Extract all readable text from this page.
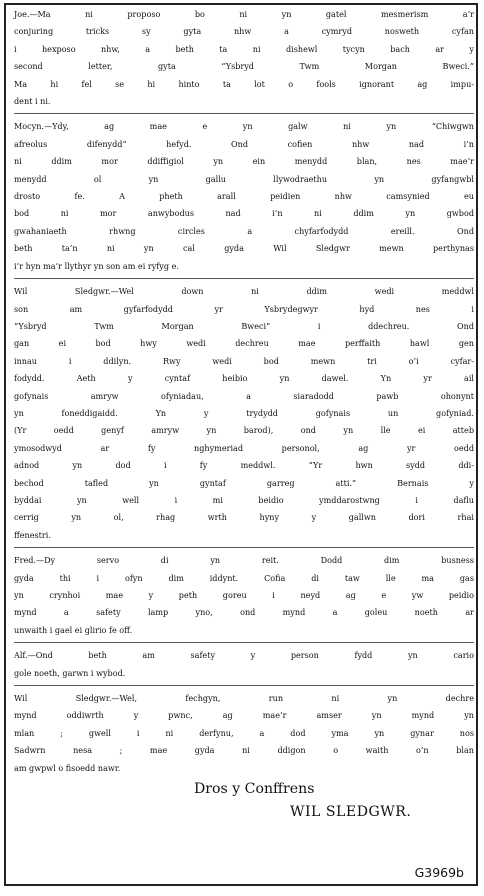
Joe.—Ma ni proposo bo ni yn gatel mesmerism a’r
conjuring tricks sy gyta nhw a cymryd nosweth cyfan
i hexposo nhw, a beth ta ni dishewl tycyn bach ar y
second letter, gyta “Ysbryd Twm Morgan Bweci.”
Ma hi fel se hi hinto ta lot o fools ignorant ag impu-
dent i ni.

Mocyn.—Ydy, ag mae e yn galw ni yn “Chiwgwn
afreolus difenydd” hefyd. Ond cofien nhw nad i’n
ni ddim mor ddiffigiol yn ein menydd blan, nes mae’r
menydd ol yn gallu llywodraethu yn gyfangwbl
drosto fe. A pheth arall peidien nhw camsynied eu
bod ni mor anwybodus nad i’n ni ddim yn gwbod
gwahaniaeth rhwng circles a chyfarfodydd ereill. Ond
beth ta’n ni yn cal gyda Wil Sledgwr mewn perthynas
i’r hyn ma’r llythyr yn son am ei ryfyg e.

Wil Sledgwr.—Wel down ni ddim wedi meddwl
son am gyfarfodydd yr Ysbrydegwyr hyd nes i
“Ysbryd Twm Morgan Bweci” i ddechreu. Ond
gan ei bod hwy wedi dechreu mae perffaith hawl gen
innau i ddilyn. Rwy wedi bod mewn tri o’i cyfar-
fodydd. Aeth y cyntaf heibio yn dawel. Yn yr ail
gofynais amryw ofyniadau, a siaradodd pawb ohonynt
yn foneddigaidd. Yn y trydydd gofynais un gofyniad.
(Yr oedd genyf amryw yn barod), ond yn lle ei atteb
ymosodwyd ar fy nghymeriad personol, ag yr oedd
adnod yn dod i fy meddwl. “Yr hwn sydd ddi-
bechod tafled yn gyntaf garreg atti.” Bernais y
byddai yn well i mi beidio ymddarostwng i daflu
cerrig yn ol, rhag wrth hyny y gallwn dori rhai
ffenestri.

Fred.—Dy servo di yn reit. Dodd dim busness
gyda thi i ofyn dim iddynt. Cofia di taw lle ma gas
yn crynhoi mae y peth goreu i neyd ag e yw peidio
mynd a safety lamp yno, ond mynd a goleu noeth ar
unwaith i gael ei glirio fe off.

Alf.—Ond beth am safety y person fydd yn cario
gole noeth, garwn i wybod.

Wil Sledgwr.—Wel, fechgyn, run ni yn dechre
mynd oddiwrth y pwnc, ag mae’r amser yn mynd yn
mlan ; gwell i ni derfynu, a dod yma yn gynar nos
Sadwrn nesa ; mae gyda ni ddigon o waith o’n blan
am gwpwl o fisoedd nawr.

Dros y Conffrens
WIL SLEDGWR.
G3969b
